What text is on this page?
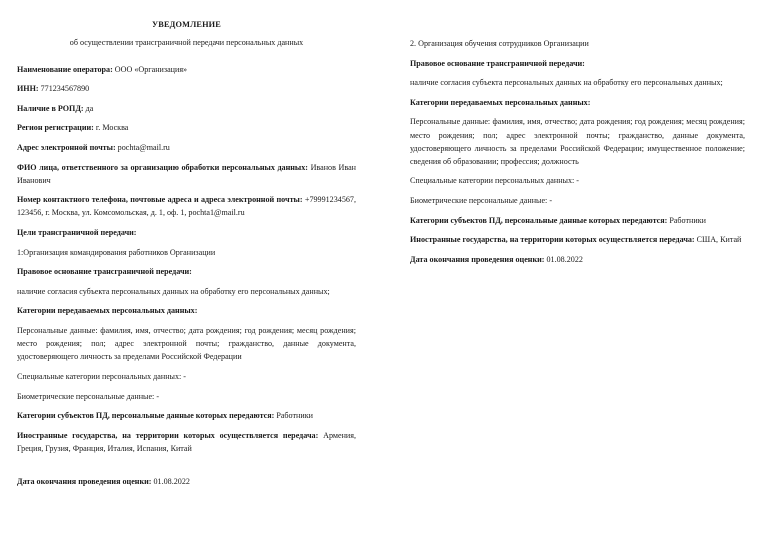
УВЕДОМЛЕНИЕ
об осуществлении трансграничной передачи персональных данных

Наименование оператора: ООО «Организация»

ИНН: 771234567890

Наличие в РОПД: да

Регион регистрации: г. Москва

Адрес электронной почты: pochta@mail.ru

ФИО лица, ответственного за организацию обработки персональных данных: Иванов Иван Иванович

Номер контактного телефона, почтовые адреса и адреса электронной почты: +79991234567, 123456, г. Москва, ул. Комсомольская, д. 1, оф. 1, pochta1@mail.ru

Цели трансграничной передачи:

1:Организация командирования работников Организации

Правовое основание трансграничной передачи:

наличие согласия субъекта персональных данных на обработку его персональных данных;

Категории передаваемых персональных данных:

Персональные данные: фамилия, имя, отчество; дата рождения; год рождения; месяц рождения; место рождения; пол; адрес электронной почты; гражданство, данные документа, удостоверяющего личность за пределами Российской Федерации

Специальные категории персональных данных: -

Биометрические персональные данные: -

Категории субъектов ПД, персональные данные которых передаются: Работники

Иностранные государства, на территории которых осуществляется передача: Армения, Греция, Грузия, Франция, Италия, Испания, Китай

Дата окончания проведения оценки: 01.08.2022

2. Организация обучения сотрудников Организации

Правовое основание трансграничной передачи:

наличие согласия субъекта персональных данных на обработку его персональных данных;

Категории передаваемых персональных данных:

Персональные данные: фамилия, имя, отчество; дата рождения; год рождения; месяц рождения; место рождения; пол; адрес электронной почты; гражданство, данные документа, удостоверяющего личность за пределами Российской Федерации; имущественное положение; сведения об образовании; профессия; должность

Специальные категории персональных данных: -

Биометрические персональные данные: -

Категории субъектов ПД, персональные данные которых передаются: Работники

Иностранные государства, на территории которых осуществляется передача: США, Китай

Дата окончания проведения оценки: 01.08.2022
